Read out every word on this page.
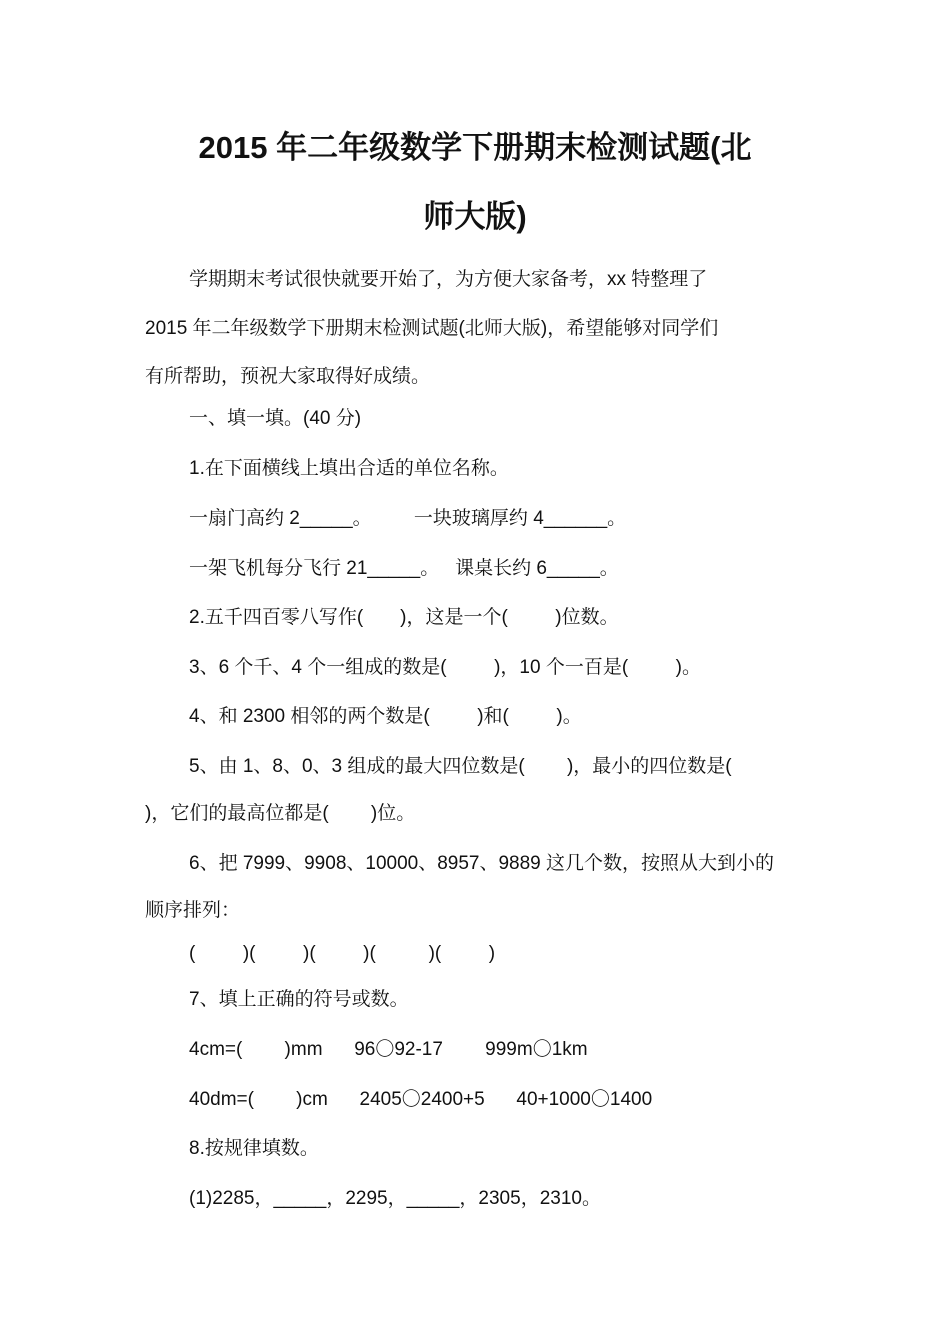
2015 年二年级数学下册期末检测试题(北
师大版)
学期期末考试很快就要开始了，为方便大家备考，xx 特整理了
2015 年二年级数学下册期末检测试题(北师大版)，希望能够对同学们
有所帮助，预祝大家取得好成绩。
一、填一填。(40 分)
1.在下面横线上填出合适的单位名称。
一扇门高约 2_____。        一块玻璃厚约 4______。
一架飞机每分飞行 21_____。   课桌长约 6_____。
2.五千四百零八写作(       )，这是一个(         )位数。
3、6 个千、4 个一组成的数是(         )，10 个一百是(         )。
4、和 2300 相邻的两个数是(         )和(         )。
5、由 1、8、0、3 组成的最大四位数是(        )，最小的四位数是(
)，它们的最高位都是(        )位。
6、把 7999、9908、10000、8957、9889 这几个数，按照从大到小的
顺序排列：
(         )(         )(         )(          )(         )
7、填上正确的符号或数。
4cm=(        )mm      96〇92-17        999m〇1km
40dm=(        )cm      2405〇2400+5      40+1000〇1400
8.按规律填数。
(1)2285，_____，2295，_____，2305，2310。
